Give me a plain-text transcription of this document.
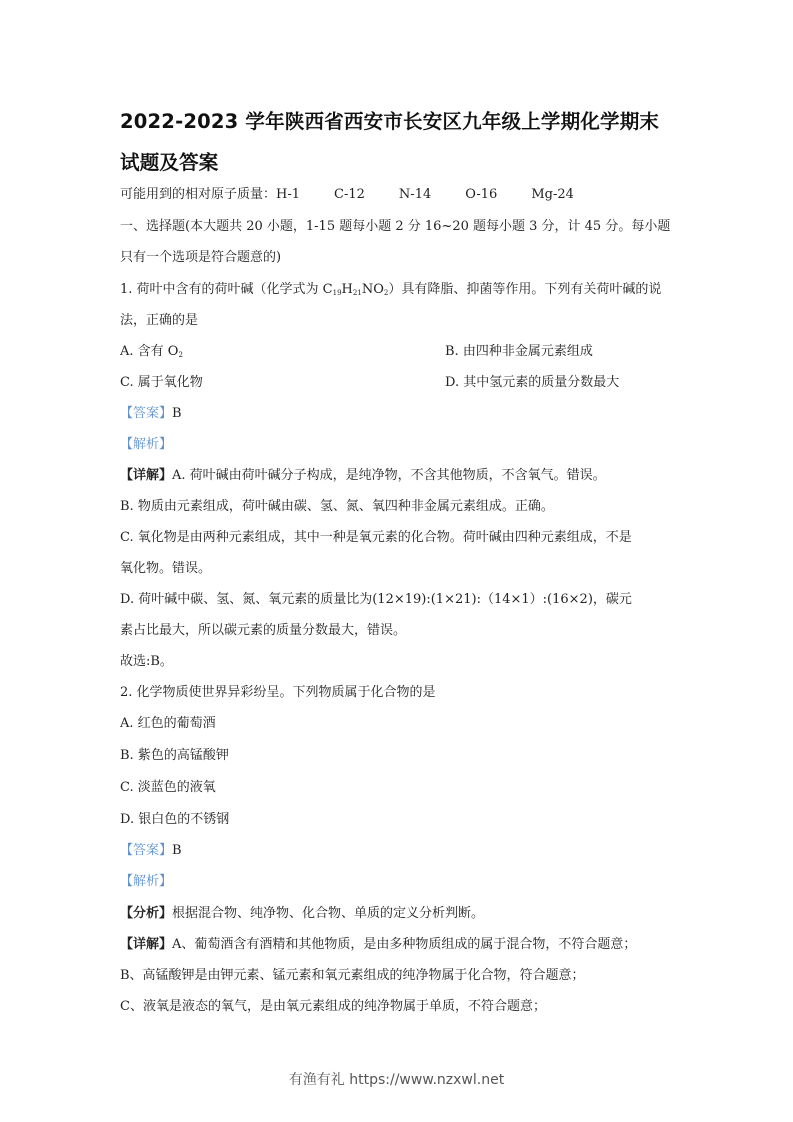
2022-2023 学年陕西省西安市长安区九年级上学期化学期末
试题及答案
可能用到的相对原子质量：H-1	C-12	N-14	O-16	Mg-24
一、选择题(本大题共 20 小题，1-15 题每小题 2 分 16~20 题每小题 3 分，计 45 分。每小题
只有一个选项是符合题意的)
1. 荷叶中含有的荷叶碱（化学式为 $C_{19}H_{21}NO_2$）具有降脂、抑菌等作用。下列有关荷叶碱的说
法，正确的是
A. 含有 $O_2$	B. 由四种非金属元素组成
C. 属于氧化物	D. 其中氢元素的质量分数最大
【答案】B
【解析】
【详解】A. 荷叶碱由荷叶碱分子构成，是纯净物，不含其他物质，不含氧气。错误。
B. 物质由元素组成，荷叶碱由碳、氢、氮、氧四种非金属元素组成。正确。
C. 氧化物是由两种元素组成，其中一种是氧元素的化合物。荷叶碱由四种元素组成，不是
氧化物。错误。
D. 荷叶碱中碳、氢、氮、氧元素的质量比为(12×19):(1×21):（14×1）:(16×2)，碳元
素占比最大，所以碳元素的质量分数最大，错误。
故选:B。
2. 化学物质使世界异彩纷呈。下列物质属于化合物的是
A. 红色的葡萄酒
B. 紫色的高锰酸钾
C. 淡蓝色的液氧
D. 银白色的不锈钢
【答案】B
【解析】
【分析】根据混合物、纯净物、化合物、单质的定义分析判断。
【详解】A、葡萄酒含有酒精和其他物质，是由多种物质组成的属于混合物，不符合题意；
B、高锰酸钾是由钾元素、锰元素和氧元素组成的纯净物属于化合物，符合题意；
C、液氧是液态的氧气，是由氧元素组成的纯净物属于单质，不符合题意；
有渔有礼 https://www.nzxwl.net
